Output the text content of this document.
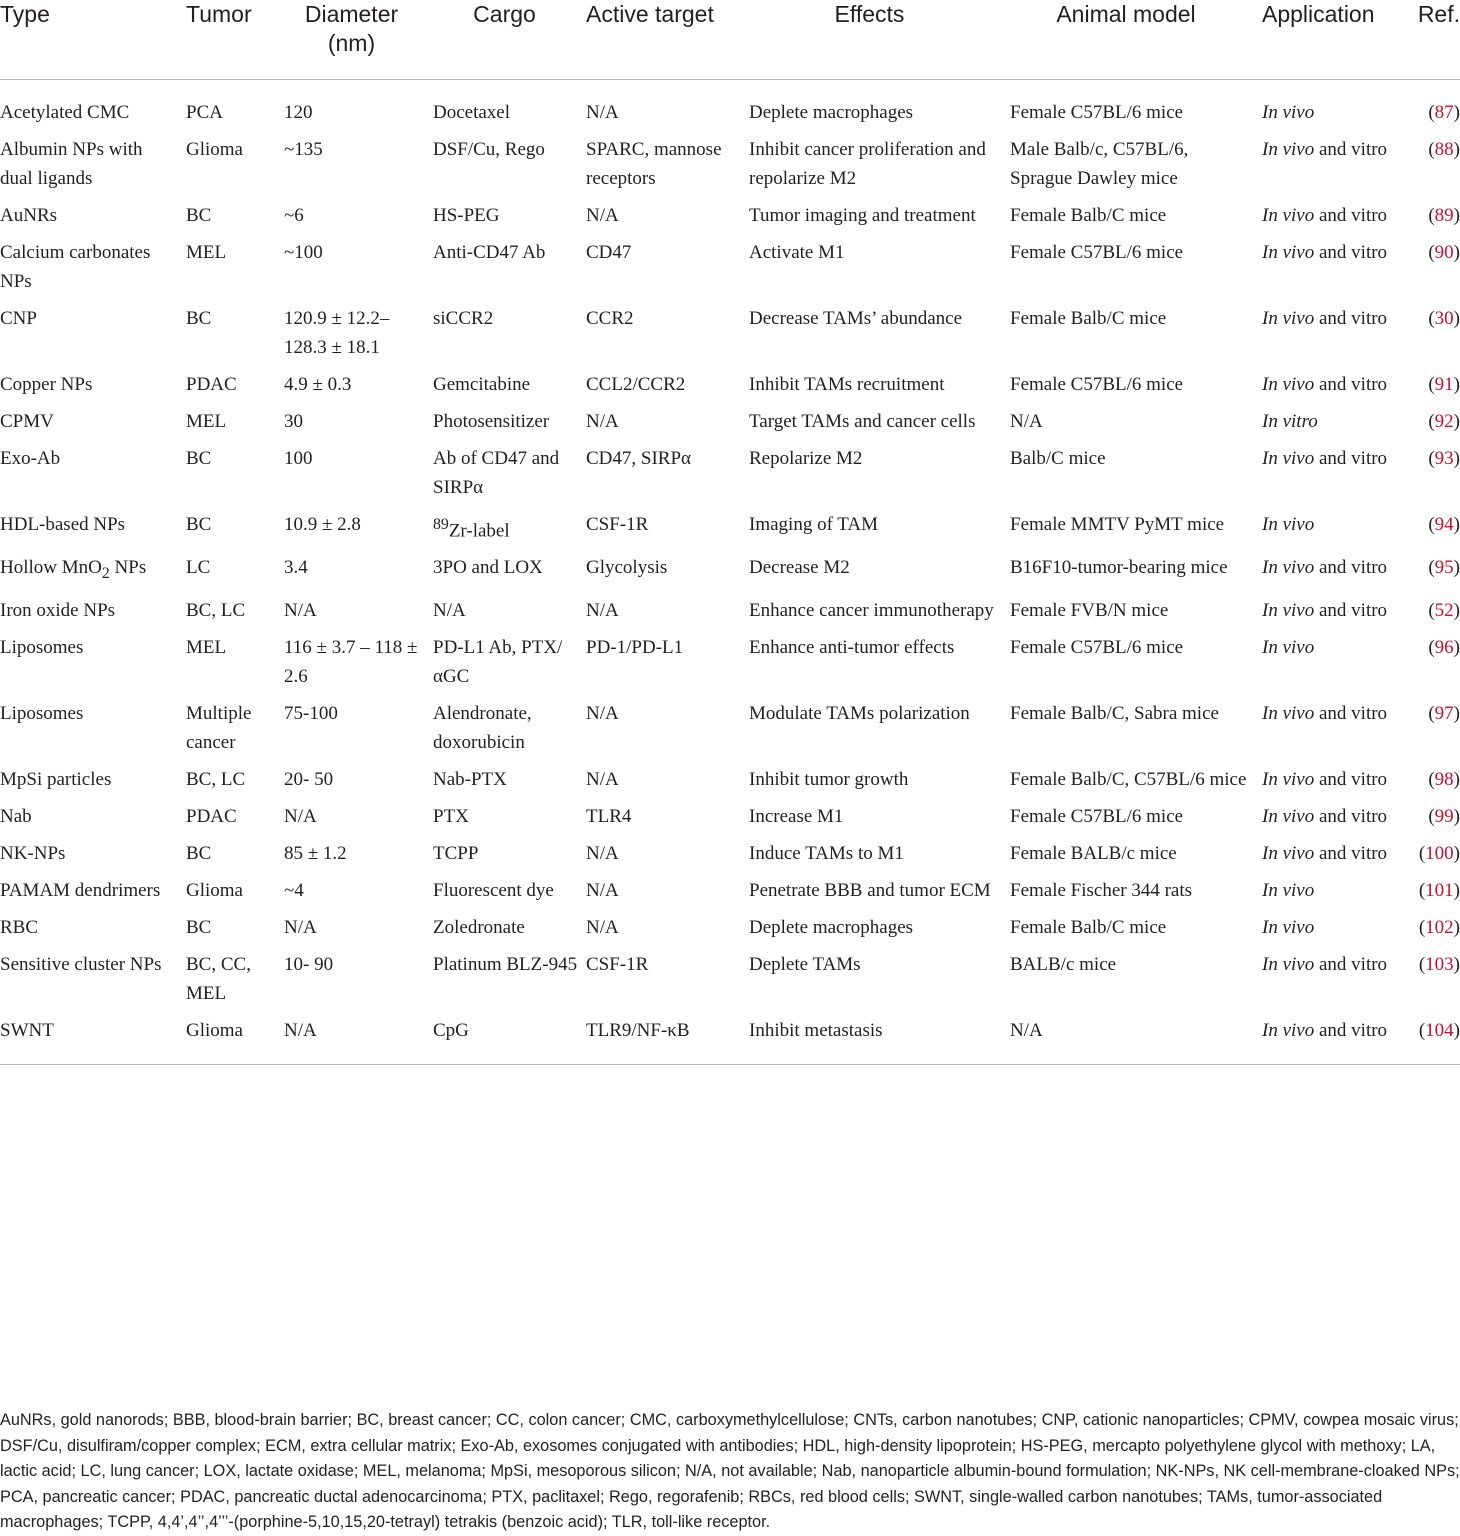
Type	Tumor	Diameter (nm)	Cargo	Active target	Effects	Animal model	Application	Ref.
Acetylated CMC	PCA	120	Docetaxel	N/A	Deplete macrophages	Female C57BL/6 mice	In vivo	(87)
Albumin NPs with dual ligands	Glioma	~135	DSF/Cu, Rego	SPARC, mannose receptors	Inhibit cancer proliferation and repolarize M2	Male Balb/c, C57BL/6, Sprague Dawley mice	In vivo and vitro	(88)
AuNRs	BC	~6	HS-PEG	N/A	Tumor imaging and treatment	Female Balb/C mice	In vivo and vitro	(89)
Calcium carbonates NPs	MEL	~100	Anti-CD47 Ab	CD47	Activate M1	Female C57BL/6 mice	In vivo and vitro	(90)
CNP	BC	120.9 ± 12.2–128.3 ± 18.1	siCCR2	CCR2	Decrease TAMs’ abundance	Female Balb/C mice	In vivo and vitro	(30)
Copper NPs	PDAC	4.9 ± 0.3	Gemcitabine	CCL2/CCR2	Inhibit TAMs recruitment	Female C57BL/6 mice	In vivo and vitro	(91)
CPMV	MEL	30	Photosensitizer	N/A	Target TAMs and cancer cells	N/A	In vitro	(92)
Exo-Ab	BC	100	Ab of CD47 and SIRPα	CD47, SIRPα	Repolarize M2	Balb/C mice	In vivo and vitro	(93)
HDL-based NPs	BC	10.9 ± 2.8	$^{89}$Zr-label	CSF-1R	Imaging of TAM	Female MMTV PyMT mice	In vivo	(94)
Hollow MnO$_2$ NPs	LC	3.4	3PO and LOX	Glycolysis	Decrease M2	B16F10-tumor-bearing mice	In vivo and vitro	(95)
Iron oxide NPs	BC, LC	N/A	N/A	N/A	Enhance cancer immunotherapy	Female FVB/N mice	In vivo and vitro	(52)
Liposomes	MEL	116 ± 3.7 – 118 ± 2.6	PD-L1 Ab, PTX/αGC	PD-1/PD-L1	Enhance anti-tumor effects	Female C57BL/6 mice	In vivo	(96)
Liposomes	Multiple cancer	75-100	Alendronate, doxorubicin	N/A	Modulate TAMs polarization	Female Balb/C, Sabra mice	In vivo and vitro	(97)
MpSi particles	BC, LC	20- 50	Nab-PTX	N/A	Inhibit tumor growth	Female Balb/C, C57BL/6 mice	In vivo and vitro	(98)
Nab	PDAC	N/A	PTX	TLR4	Increase M1	Female C57BL/6 mice	In vivo and vitro	(99)
NK-NPs	BC	85 ± 1.2	TCPP	N/A	Induce TAMs to M1	Female BALB/c mice	In vivo and vitro	(100)
PAMAM dendrimers	Glioma	~4	Fluorescent dye	N/A	Penetrate BBB and tumor ECM	Female Fischer 344 rats	In vivo	(101)
RBC	BC	N/A	Zoledronate	N/A	Deplete macrophages	Female Balb/C mice	In vivo	(102)
Sensitive cluster NPs	BC, CC, MEL	10- 90	Platinum BLZ-945	CSF-1R	Deplete TAMs	BALB/c mice	In vivo and vitro	(103)
SWNT	Glioma	N/A	CpG	TLR9/NF-κB	Inhibit metastasis	N/A	In vivo and vitro	(104)
AuNRs, gold nanorods; BBB, blood-brain barrier; BC, breast cancer; CC, colon cancer; CMC, carboxymethylcellulose; CNTs, carbon nanotubes; CNP, cationic nanoparticles; CPMV, cowpea mosaic virus; DSF/Cu, disulfiram/copper complex; ECM, extra cellular matrix; Exo-Ab, exosomes conjugated with antibodies; HDL, high-density lipoprotein; HS-PEG, mercapto polyethylene glycol with methoxy; LA, lactic acid; LC, lung cancer; LOX, lactate oxidase; MEL, melanoma; MpSi, mesoporous silicon; N/A, not available; Nab, nanoparticle albumin-bound formulation; NK-NPs, NK cell-membrane-cloaked NPs; PCA, pancreatic cancer; PDAC, pancreatic ductal adenocarcinoma; PTX, paclitaxel; Rego, regorafenib; RBCs, red blood cells; SWNT, single-walled carbon nanotubes; TAMs, tumor-associated macrophages; TCPP, 4,4’,4’’,4’’’-(porphine-5,10,15,20-tetrayl) tetrakis (benzoic acid); TLR, toll-like receptor.
